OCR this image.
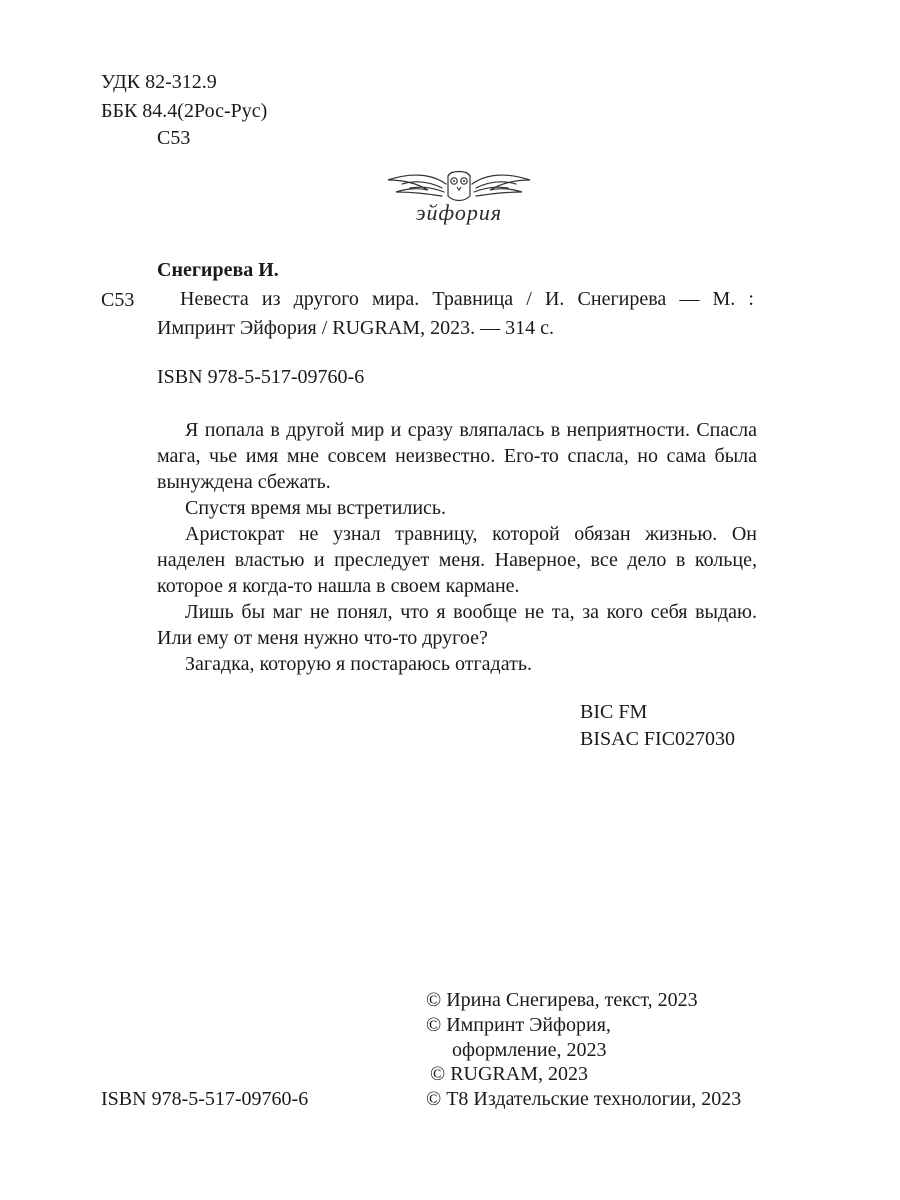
УДК 82-312.9
ББК 84.4(2Рос-Рус)
С53
эйфория
Снегирева И.
С53 Невеста из другого мира. Травница / И. Снегирева — М. :
Импринт Эйфория / RUGRAM, 2023. — 314 с.
ISBN 978-5-517-09760-6
Я попала в другой мир и сразу вляпалась в неприятности. Спасла мага, чье имя мне совсем неизвестно. Его-то спасла, но сама была вынуждена сбежать.
Спустя время мы встретились.
Аристократ не узнал травницу, которой обязан жизнью. Он наделен властью и преследует меня. Наверное, все дело в кольце, которое я когда-то нашла в своем кармане.
Лишь бы маг не понял, что я вообще не та, за кого себя выдаю. Или ему от меня нужно что-то другое?
Загадка, которую я постараюсь отгадать.
BIC FM
BISAC FIC027030
© Ирина Снегирева, текст, 2023
© Импринт Эйфория,
оформление, 2023
© RUGRAM, 2023
ISBN 978-5-517-09760-6	© Т8 Издательские технологии, 2023
